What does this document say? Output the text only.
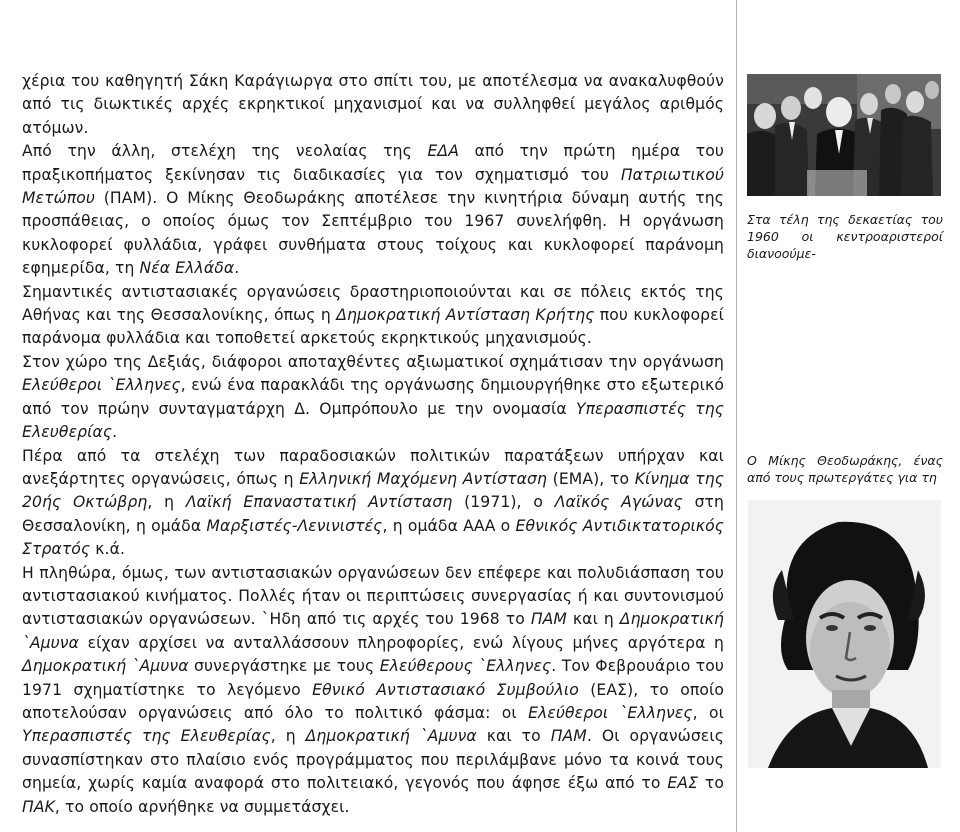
χέρια του καθηγητή Σάκη Καράγιωργα στο σπίτι του, με αποτέλεσμα να ανακαλυφθούν από τις διωκτικές αρχές εκρηκτικοί μηχανισμοί και να συλληφθεί μεγάλος αριθμός ατόμων.

Από την άλλη, στελέχη της νεολαίας της ΕΔΑ από την πρώτη ημέρα του πραξικοπήματος ξεκίνησαν τις διαδικασίες για τον σχηματισμό του Πατριωτικού Μετώπου (ΠΑΜ). Ο Μίκης Θεοδωράκης αποτέλεσε την κινητήρια δύναμη αυτής της προσπάθειας, ο οποίος όμως τον Σεπτέμβριο του 1967 συνελήφθη. Η οργάνωση κυκλοφορεί φυλλάδια, γράφει συνθήματα στους τοίχους και κυκλοφορεί παράνομη εφημερίδα, τη Νέα Ελλάδα.

Σημαντικές αντιστασιακές οργανώσεις δραστηριοποιούνται και σε πόλεις εκτός της Αθήνας και της Θεσσαλονίκης, όπως η Δημοκρατική Αντίσταση Κρήτης που κυκλοφορεί παράνομα φυλλάδια και τοποθετεί αρκετούς εκρηκτικούς μηχανισμούς.

Στον χώρο της Δεξιάς, διάφοροι αποταχθέντες αξιωματικοί σχημάτισαν την οργάνωση Ελεύθεροι `Ελληνες, ενώ ένα παρακλάδι της οργάνωσης δημιουργήθηκε στο εξωτερικό από τον πρώην συνταγματάρχη Δ. Ομπρόπουλο με την ονομασία Υπερασπιστές της Ελευθερίας.

Πέρα από τα στελέχη των παραδοσιακών πολιτικών παρατάξεων υπήρχαν και ανεξάρτητες οργανώσεις, όπως η Ελληνική Μαχόμενη Αντίσταση (ΕΜΑ), το Κίνημα της 20ής Οκτώβρη, η Λαϊκή Επαναστατική Αντίσταση (1971), ο Λαϊκός Αγώνας στη Θεσσαλονίκη, η ομάδα Μαρξιστές-Λενινιστές, η ομάδα ΑΑΑ ο Εθνικός Αντιδικτατορικός Στρατός κ.ά.

Η πληθώρα, όμως, των αντιστασιακών οργανώσεων δεν επέφερε και πολυδιάσπαση του αντιστασιακού κινήματος. Πολλές ήταν οι περιπτώσεις συνεργασίας ή και συντονισμού αντιστασιακών οργανώσεων. `Ηδη από τις αρχές του 1968 το ΠΑΜ και η Δημοκρατική `Αμυνα είχαν αρχίσει να ανταλλάσσουν πληροφορίες, ενώ λίγους μήνες αργότερα η Δημοκρατική `Αμυνα συνεργάστηκε με τους Ελεύθερους `Ελληνες. Τον Φεβρουάριο του 1971 σχηματίστηκε το λεγόμενο Εθνικό Αντιστασιακό Συμβούλιο (ΕΑΣ), το οποίο αποτελούσαν οργανώσεις από όλο το πολιτικό φάσμα: οι Ελεύθεροι `Ελληνες, οι Υπερασπιστές της Ελευθερίας, η Δημοκρατική `Αμυνα και το ΠΑΜ. Οι οργανώσεις συνασπίστηκαν στο πλαίσιο ενός προγράμματος που περιλάμβανε μόνο τα κοινά τους σημεία, χωρίς καμία αναφορά στο πολιτειακό, γεγονός που άφησε έξω από το ΕΑΣ το ΠΑΚ, το οποίο αρνήθηκε να συμμετάσχει.

Στα τέλη της δεκαετίας του 1960 οι κεντροαριστεροί διανοούμε-
Ο Μίκης Θεοδωράκης, ένας από τους πρωτεργάτες για τη
